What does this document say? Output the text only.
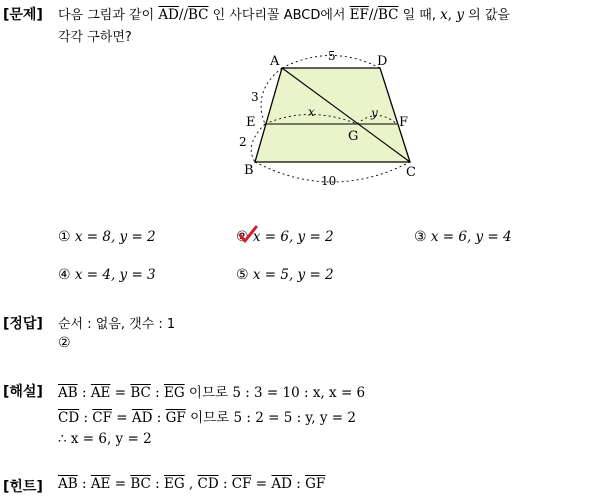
[문제] 다음 그림과 같이 $\overline{AD}//\overline{BC}$ 인 사다리꼴 ABCD에서 $\overline{EF}//\overline{BC}$ 일 때, x, y 의 값을
각각 구하면?
A	D
E	F
G
B	C
5
3
2
10
x	y
① x = 8, y = 2	② x = 6, y = 2	③ x = 6, y = 4
④ x = 4, y = 3	⑤ x = 5, y = 2
[정답] 순서 : 없음, 갯수 : 1
②
[해설] $\overline{AB}$ : $\overline{AE} = \overline{BC}$ : $\overline{EG}$ 이므로 5 : 3 = 10 : x, x = 6
$\overline{CD}$ : $\overline{CF} = \overline{AD}$ : $\overline{GF}$ 이므로 5 : 2 = 5 : y, y = 2
∴ x = 6, y = 2
[힌트] $\overline{AB}$ : $\overline{AE} = \overline{BC}$ : $\overline{EG}$ , $\overline{CD}$ : $\overline{CF} = \overline{AD}$ : $\overline{GF}$
